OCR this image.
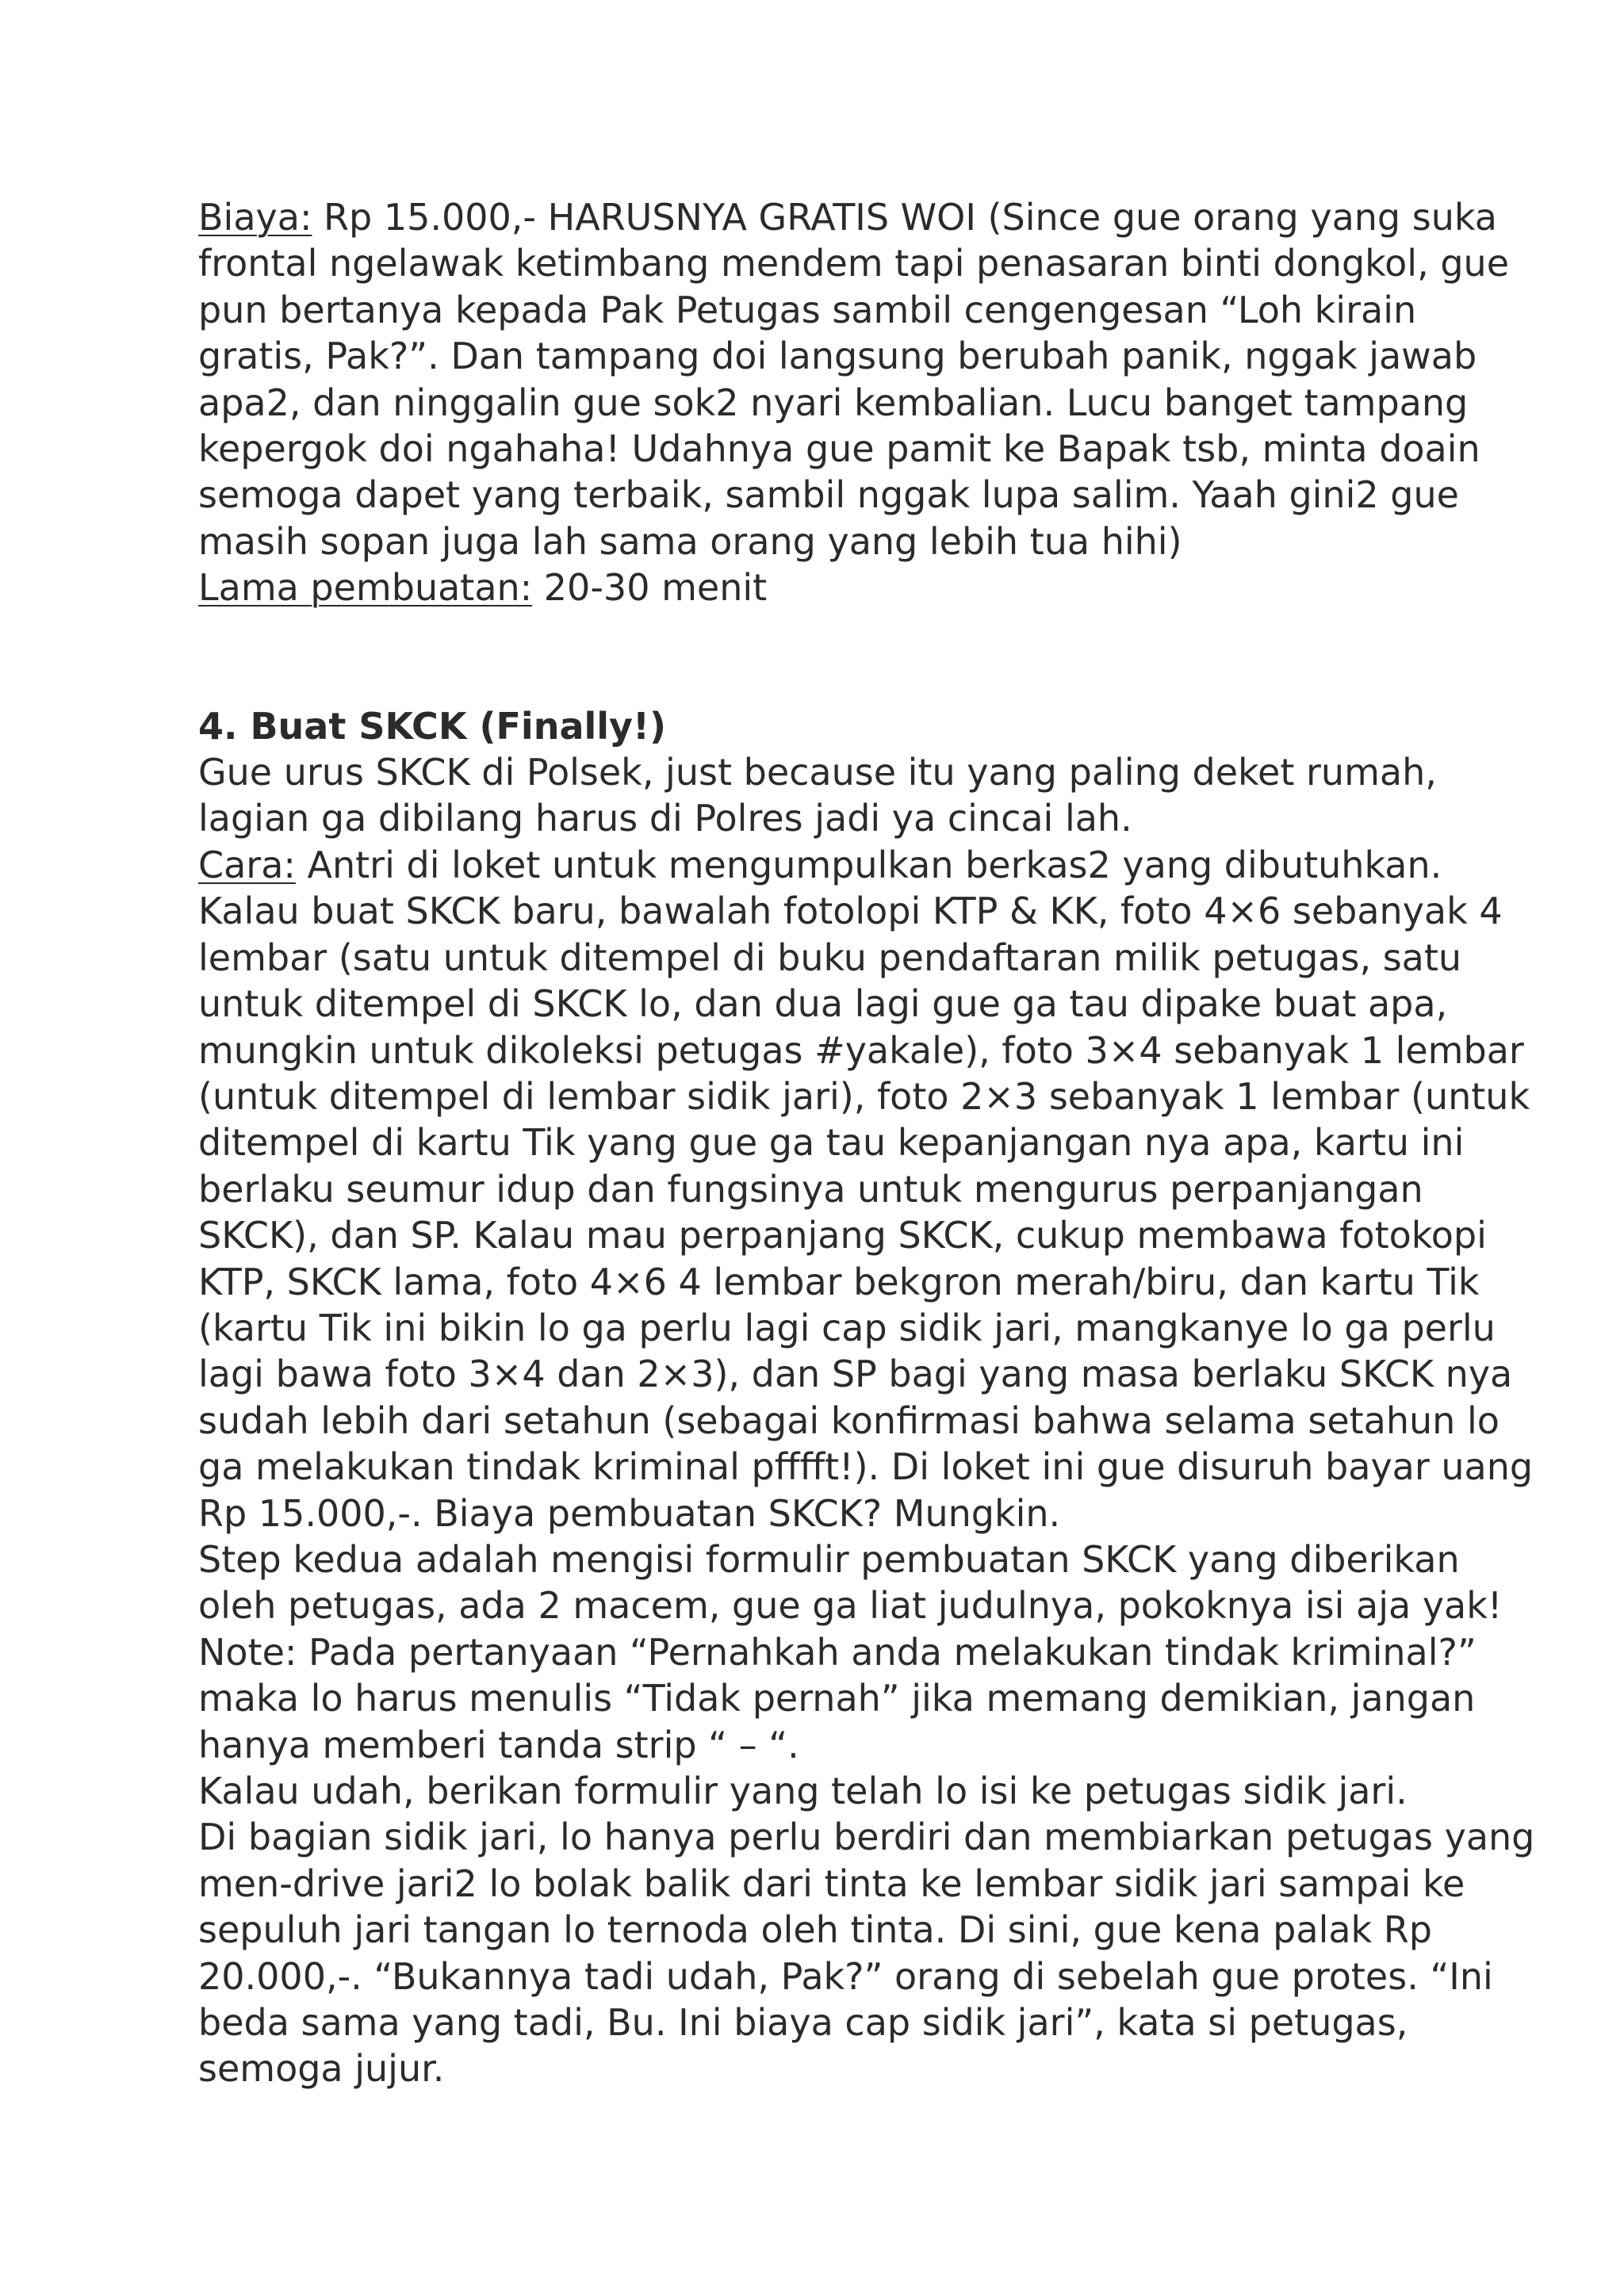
Biaya: Rp 15.000,- HARUSNYA GRATIS WOI (Since gue orang yang suka
frontal ngelawak ketimbang mendem tapi penasaran binti dongkol, gue
pun bertanya kepada Pak Petugas sambil cengengesan “Loh kirain
gratis, Pak?”. Dan tampang doi langsung berubah panik, nggak jawab
apa2, dan ninggalin gue sok2 nyari kembalian. Lucu banget tampang
kepergok doi ngahaha! Udahnya gue pamit ke Bapak tsb, minta doain
semoga dapet yang terbaik, sambil nggak lupa salim. Yaah gini2 gue
masih sopan juga lah sama orang yang lebih tua hihi)
Lama pembuatan: 20-30 menit
4. Buat SKCK (Finally!)
Gue urus SKCK di Polsek, just because itu yang paling deket rumah,
lagian ga dibilang harus di Polres jadi ya cincai lah.
Cara: Antri di loket untuk mengumpulkan berkas2 yang dibutuhkan.
Kalau buat SKCK baru, bawalah fotolopi KTP & KK, foto 4×6 sebanyak 4
lembar (satu untuk ditempel di buku pendaftaran milik petugas, satu
untuk ditempel di SKCK lo, dan dua lagi gue ga tau dipake buat apa,
mungkin untuk dikoleksi petugas #yakale), foto 3×4 sebanyak 1 lembar
(untuk ditempel di lembar sidik jari), foto 2×3 sebanyak 1 lembar (untuk
ditempel di kartu Tik yang gue ga tau kepanjangan nya apa, kartu ini
berlaku seumur idup dan fungsinya untuk mengurus perpanjangan
SKCK), dan SP. Kalau mau perpanjang SKCK, cukup membawa fotokopi
KTP, SKCK lama, foto 4×6 4 lembar bekgron merah/biru, dan kartu Tik
(kartu Tik ini bikin lo ga perlu lagi cap sidik jari, mangkanye lo ga perlu
lagi bawa foto 3×4 dan 2×3), dan SP bagi yang masa berlaku SKCK nya
sudah lebih dari setahun (sebagai konfirmasi bahwa selama setahun lo
ga melakukan tindak kriminal pfffft!). Di loket ini gue disuruh bayar uang
Rp 15.000,-. Biaya pembuatan SKCK? Mungkin.
Step kedua adalah mengisi formulir pembuatan SKCK yang diberikan
oleh petugas, ada 2 macem, gue ga liat judulnya, pokoknya isi aja yak!
Note: Pada pertanyaan “Pernahkah anda melakukan tindak kriminal?”
maka lo harus menulis “Tidak pernah” jika memang demikian, jangan
hanya memberi tanda strip “ – “.
Kalau udah, berikan formulir yang telah lo isi ke petugas sidik jari.
Di bagian sidik jari, lo hanya perlu berdiri dan membiarkan petugas yang
men-drive jari2 lo bolak balik dari tinta ke lembar sidik jari sampai ke
sepuluh jari tangan lo ternoda oleh tinta. Di sini, gue kena palak Rp
20.000,-. “Bukannya tadi udah, Pak?” orang di sebelah gue protes. “Ini
beda sama yang tadi, Bu. Ini biaya cap sidik jari”, kata si petugas,
semoga jujur.
